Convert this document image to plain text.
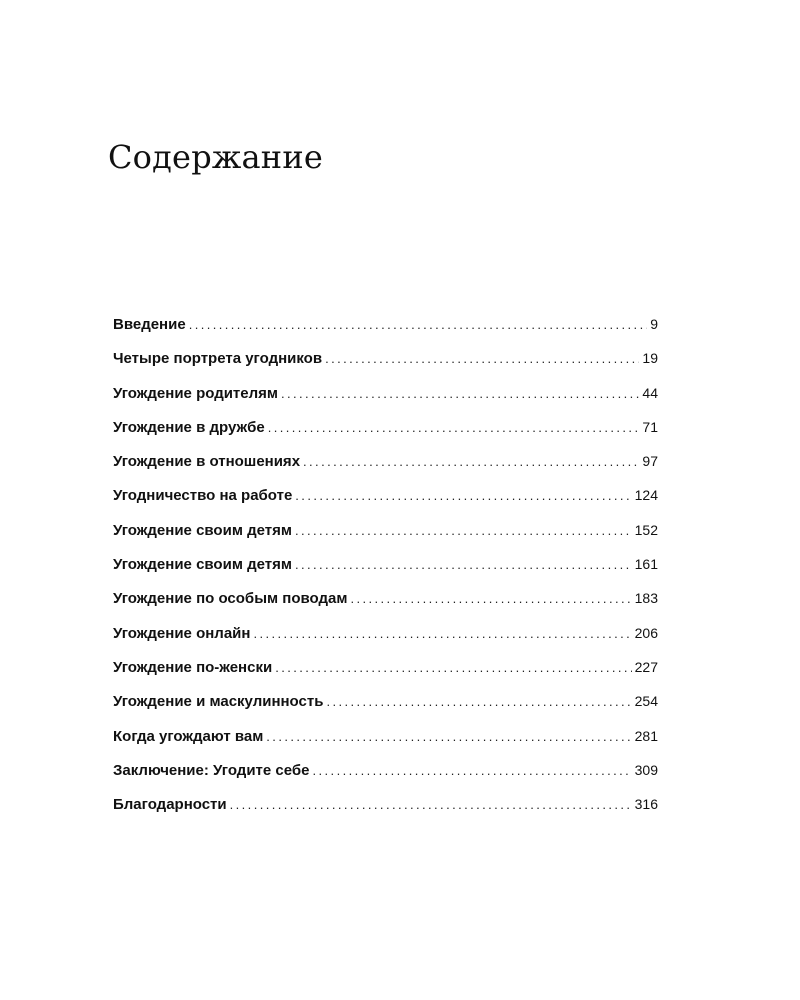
Содержание
Введение .....	9
Четыре портрета угодников .....	19
Угождение родителям .....	44
Угождение в дружбе .....	71
Угождение в отношениях .....	97
Угодничество на работе .....	124
Угождение своим детям .....	152
Угождение своим детям .....	161
Угождение по особым поводам .....	183
Угождение онлайн .....	206
Угождение по-женски .....	227
Угождение и маскулинность .....	254
Когда угождают вам .....	281
Заключение: Угодите себе .....	309
Благодарности .....	316
